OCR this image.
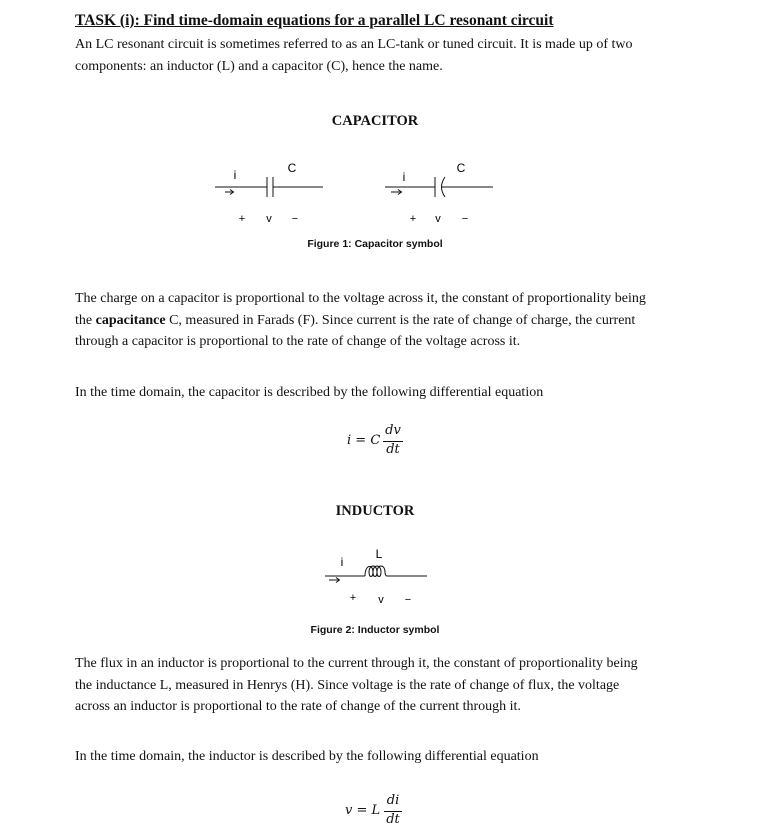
TASK (i): Find time-domain equations for a parallel LC resonant circuit
An LC resonant circuit is sometimes referred to as an LC-tank or tuned circuit. It is made up of two
components: an inductor (L) and a capacitor (C), hence the name.
CAPACITOR
i	C
+ v −
i
C
+ v −
Figure 1: Capacitor symbol
The charge on a capacitor is proportional to the voltage across it, the constant of proportionality being
the capacitance C, measured in Farads (F). Since current is the rate of change of charge, the current
through a capacitor is proportional to the rate of change of the voltage across it.
In the time domain, the capacitor is described by the following differential equation
i = C
dv
dt
INDUCTOR
i
L
+ v −
Figure 2: Inductor symbol
The flux in an inductor is proportional to the current through it, the constant of proportionality being
the inductance L, measured in Henrys (H). Since voltage is the rate of change of flux, the voltage
across an inductor is proportional to the rate of change of the current through it.
In the time domain, the inductor is described by the following differential equation
v = L
di
dt
